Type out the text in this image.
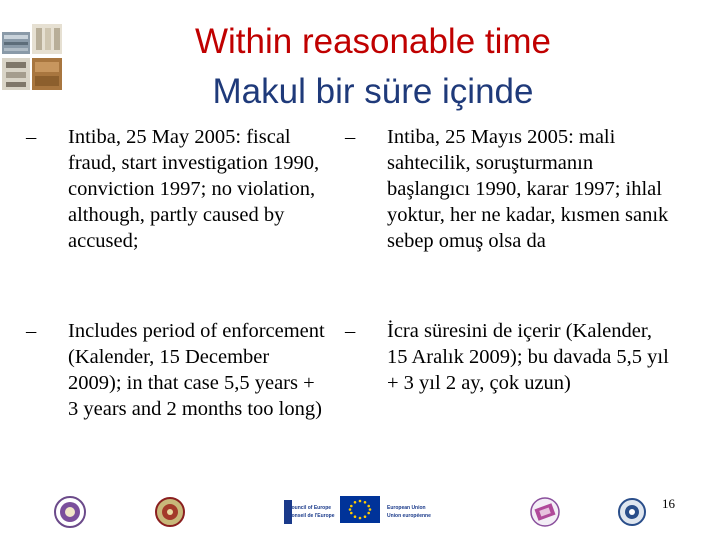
Within reasonable time
Makul bir süre içinde
– Intiba, 25 May 2005: fiscal fraud, start investigation 1990, conviction 1997; no violation, although, partly caused by accused;
– Includes period of enforcement (Kalender, 15 December 2009); in that case 5,5 years + 3 years and 2 months too long)
– Intiba, 25 Mayıs 2005: mali sahtecilik, soruşturmanın başlangıcı 1990, karar 1997; ihlal yoktur, her ne kadar, kısmen sanık sebep omuş olsa da
– İcra süresini de içerir (Kalender, 15 Aralık 2009); bu davada 5,5 yıl + 3 yıl 2 ay, çok uzun)
Council of Europe
Conseil de l'Europe
European Union
Union européenne
16
